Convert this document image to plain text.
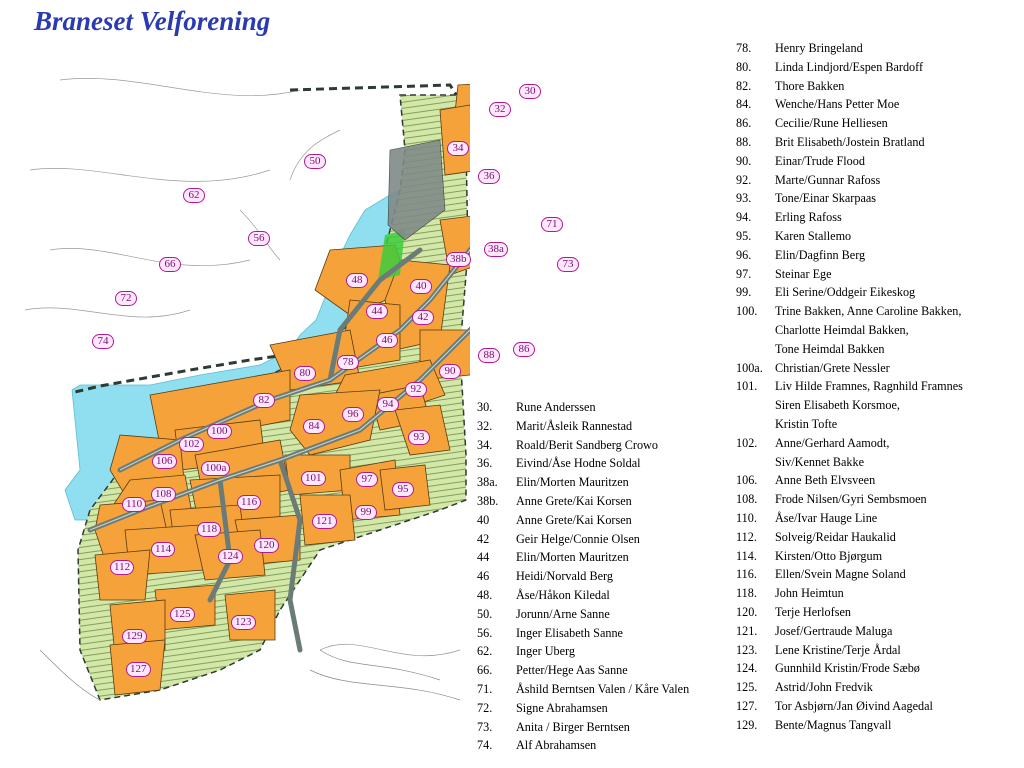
Braneset Velforening
Fotball
30
32
34
36
38a
38b
40
42
44
46
48
50
56
62
66
71
72
73
74
78
80
82
84
86
88
90
92
93
94
95
96
97
99
100
100a
101
102
106
108
110
112
114
116
118
120
121
123
124
125
127
129
30.	Rune Anderssen
32.	Marit/Åsleik Rannestad
34.	Roald/Berit Sandberg Crowo
36.	Eivind/Åse Hodne Soldal
38a.	Elin/Morten Mauritzen
38b.	Anne Grete/Kai Korsen
40	Anne Grete/Kai Korsen
42	Geir Helge/Connie Olsen
44	Elin/Morten Mauritzen
46	Heidi/Norvald Berg
48.	Åse/Håkon Kiledal
50.	Jorunn/Arne Sanne
56.	Inger Elisabeth Sanne
62.	Inger Uberg
66.	Petter/Hege Aas Sanne
71.	Åshild Berntsen Valen / Kåre Valen
72.	Signe Abrahamsen
73.	Anita / Birger Berntsen
74.	Alf Abrahamsen
78.	Henry Bringeland
80.	Linda Lindjord/Espen Bardoff
82.	Thore Bakken
84.	Wenche/Hans Petter Moe
86.	Cecilie/Rune Helliesen
88.	Brit Elisabeth/Jostein Bratland
90.	Einar/Trude Flood
92.	Marte/Gunnar Rafoss
93.	Tone/Einar Skarpaas
94.	Erling Rafoss
95.	Karen Stallemo
96.	Elin/Dagfinn Berg
97.	Steinar Ege
99.	Eli Serine/Oddgeir Eikeskog
100.	Trine Bakken, Anne Caroline Bakken,
Charlotte Heimdal Bakken,
Tone Heimdal Bakken
100a.	Christian/Grete Nessler
101.	Liv Hilde Framnes, Ragnhild Framnes
Siren Elisabeth Korsmoe,
Kristin Tofte
102.	Anne/Gerhard Aamodt,
Siv/Kennet Bakke
106.	Anne Beth Elvsveen
108.	Frode Nilsen/Gyri Sembsmoen
110.	Åse/Ivar Hauge Line
112.	Solveig/Reidar Haukalid
114.	Kirsten/Otto Bjørgum
116.	Ellen/Svein Magne Soland
118.	John Heimtun
120.	Terje Herlofsen
121.	Josef/Gertraude Maluga
123.	Lene Kristine/Terje Årdal
124.	Gunnhild Kristin/Frode Sæbø
125.	Astrid/John Fredvik
127.	Tor Asbjørn/Jan Øivind Aagedal
129.	Bente/Magnus Tangvall
